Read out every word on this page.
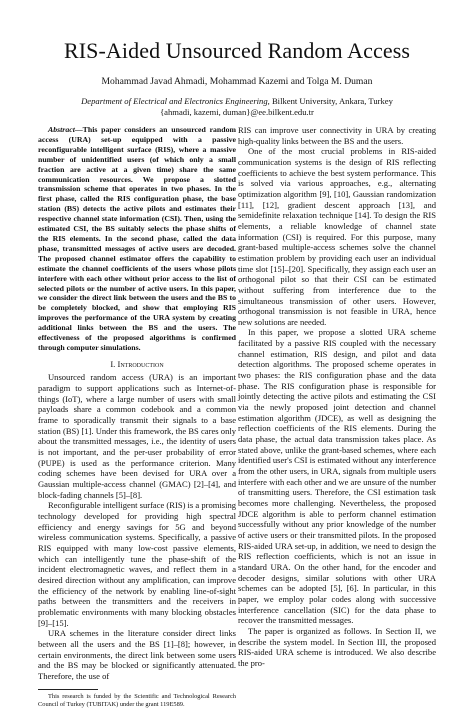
RIS-Aided Unsourced Random Access
Mohammad Javad Ahmadi, Mohammad Kazemi and Tolga M. Duman
Department of Electrical and Electronics Engineering, Bilkent University, Ankara, Turkey
{ahmadi, kazemi, duman}@ee.bilkent.edu.tr

Abstract—This paper considers an unsourced random access (URA) set-up equipped with a passive reconfigurable intelligent surface (RIS), where a massive number of unidentified users (of which only a small fraction are active at a given time) share the same communication resources. We propose a slotted transmission scheme that operates in two phases. In the first phase, called the RIS configuration phase, the base station (BS) detects the active pilots and estimates their respective channel state information (CSI). Then, using the estimated CSI, the BS suitably selects the phase shifts of the RIS elements. In the second phase, called the data phase, transmitted messages of active users are decoded. The proposed channel estimator offers the capability to estimate the channel coefficients of the users whose pilots interfere with each other without prior access to the list of selected pilots or the number of active users. In this paper, we consider the direct link between the users and the BS to be completely blocked, and show that employing RIS improves the performance of the URA system by creating additional links between the BS and the users. The effectiveness of the proposed algorithms is confirmed through computer simulations.

I. Introduction

Unsourced random access (URA) is an important paradigm to support applications such as Internet-of-things (IoT), where a large number of users with small payloads share a common codebook and a common frame to sporadically transmit their signals to a base station (BS) [1]. Under this framework, the BS cares only about the transmitted messages, i.e., the identity of users is not important, and the per-user probability of error (PUPE) is used as the performance criterion. Many coding schemes have been devised for URA over a Gaussian multiple-access channel (GMAC) [2]–[4], and block-fading channels [5]–[8].

Reconfigurable intelligent surface (RIS) is a promising technology developed for providing high spectral efficiency and energy savings for 5G and beyond wireless communication systems. Specifically, a passive RIS equipped with many low-cost passive elements, which can intelligently tune the phase-shift of the incident electromagnetic waves, and reflect them in a desired direction without any amplification, can improve the efficiency of the network by enabling line-of-sight paths between the transmitters and the receivers in problematic environments with many blocking obstacles [9]–[15].

URA schemes in the literature consider direct links between all the users and the BS [1]–[8]; however, in certain environments, the direct link between some users and the BS may be blocked or significantly attenuated. Therefore, the use of

This research is funded by the Scientific and Technological Research Council of Turkey (TUBITAK) under the grant 119E589.

RIS can improve user connectivity in URA by creating high-quality links between the BS and the users.

One of the most crucial problems in RIS-aided communication systems is the design of RIS reflecting coefficients to achieve the best system performance. This is solved via various approaches, e.g., alternating optimization algorithm [9], [10], Gaussian randomization [11], [12], gradient descent approach [13], and semidefinite relaxation technique [14]. To design the RIS elements, a reliable knowledge of channel state information (CSI) is required. For this purpose, many grant-based multiple-access schemes solve the channel estimation problem by providing each user an individual time slot [15]–[20]. Specifically, they assign each user an orthogonal pilot so that their CSI can be estimated without suffering from interference due to the simultaneous transmission of other users. However, orthogonal transmission is not feasible in URA, hence new solutions are needed.

In this paper, we propose a slotted URA scheme facilitated by a passive RIS coupled with the necessary channel estimation, RIS design, and pilot and data detection algorithms. The proposed scheme operates in two phases: the RIS configuration phase and the data phase. The RIS configuration phase is responsible for jointly detecting the active pilots and estimating the CSI via the newly proposed joint detection and channel estimation algorithm (JDCE), as well as designing the reflection coefficients of the RIS elements. During the data phase, the actual data transmission takes place. As stated above, unlike the grant-based schemes, where each identified user's CSI is estimated without any interference from the other users, in URA, signals from multiple users interfere with each other and we are unsure of the number of transmitting users. Therefore, the CSI estimation task becomes more challenging. Nevertheless, the proposed JDCE algorithm is able to perform channel estimation successfully without any prior knowledge of the number of active users or their transmitted pilots. In the proposed RIS-aided URA set-up, in addition, we need to design the RIS reflection coefficients, which is not an issue in standard URA. On the other hand, for the encoder and decoder designs, similar solutions with other URA schemes can be adopted [5], [6]. In particular, in this paper, we employ polar codes along with successive interference cancellation (SIC) for the data phase to recover the transmitted messages.

The paper is organized as follows. In Section II, we describe the system model. In Section III, the proposed RIS-aided URA scheme is introduced. We also describe the pro-
